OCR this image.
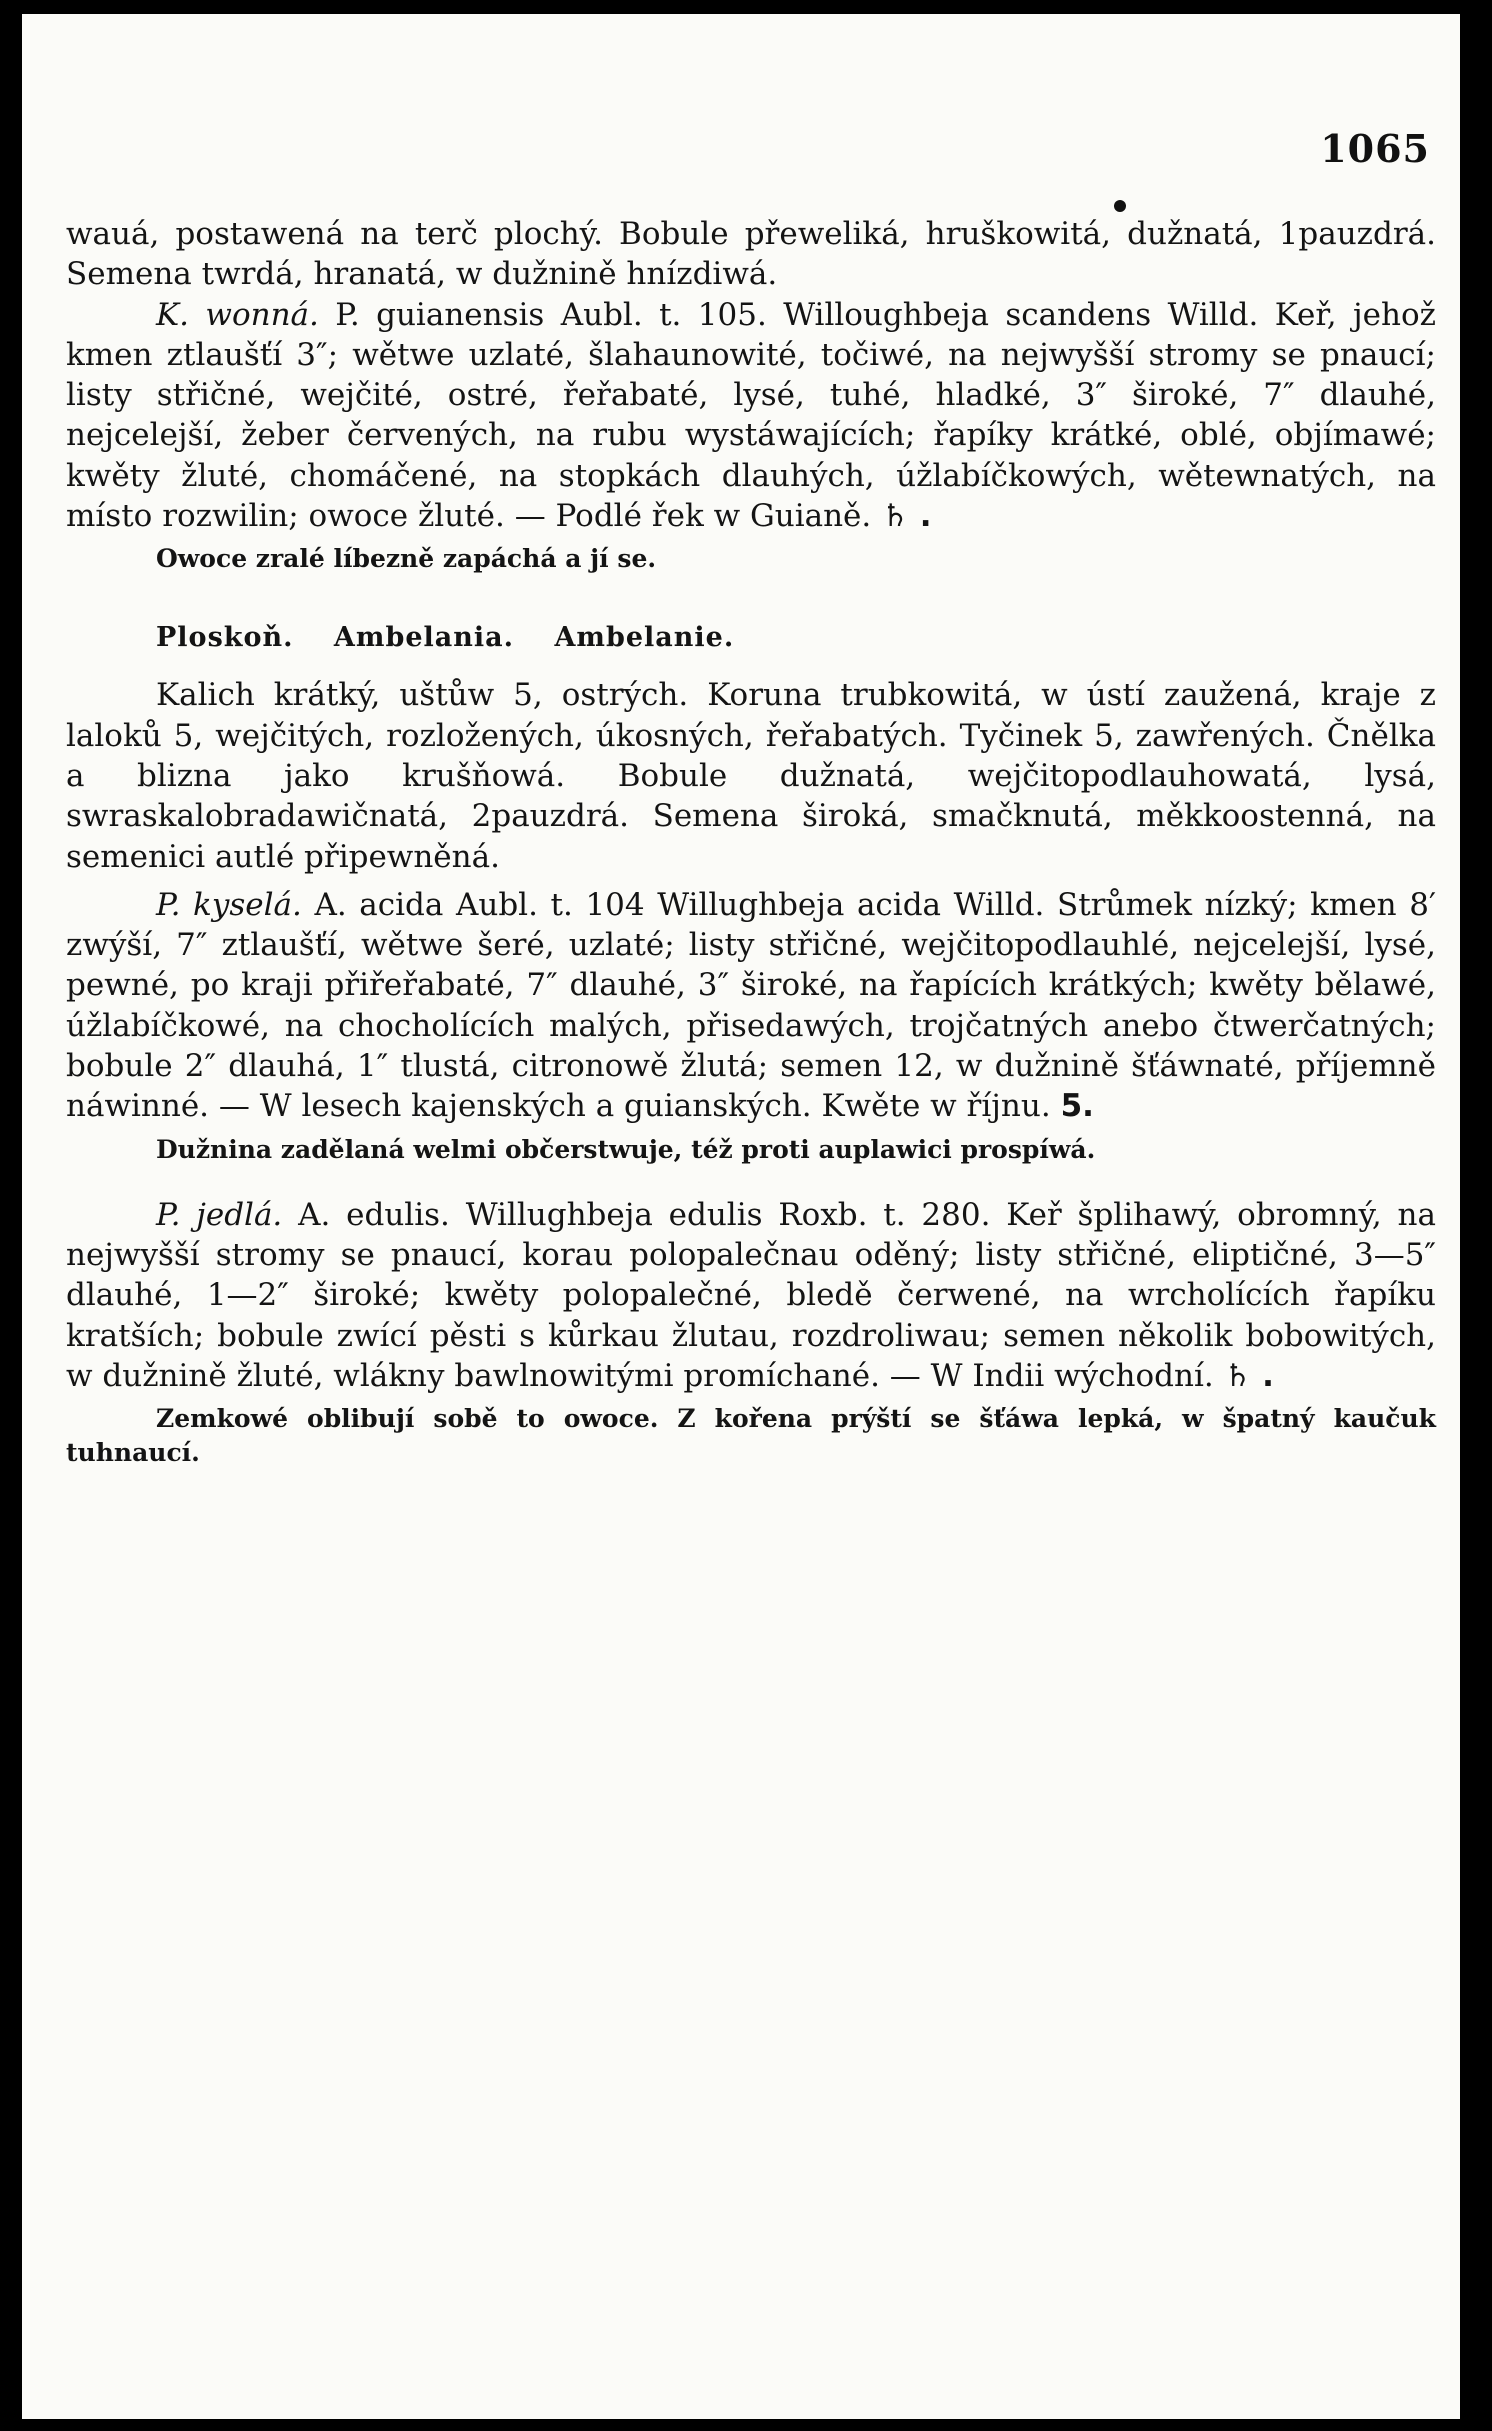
1065

wauá, postawená na terč plochý. Bobule přeweliká, hruškowitá, dužnatá, 1pauzdrá. Semena twrdá, hranatá, w dužnině hnízdiwá.

K. wonná. P. guianensis Aubl. t. 105. Willoughbeja scandens Willd. Keř, jehož kmen ztlaušťí 3″; wětwe uzlaté, šlahaunowité, točiwé, na nejwyšší stromy se pnaucí; listy střičné, wejčité, ostré, řeřabaté, lysé, tuhé, hladké, 3″ široké, 7″ dlauhé, nejcelejší, žeber červených, na rubu wystáwajících; řapíky krátké, oblé, objímawé; kwěty žluté, chomáčené, na stopkách dlauhých, úžlabíčkowých, wětewnatých, na místo rozwilin; owoce žluté. — Podlé řek w Guianě. ♄ .

Owoce zralé líbezně zapáchá a jí se.

Ploskoň. Ambelania. Ambelanie.

Kalich krátký, uštůw 5, ostrých. Koruna trubkowitá, w ústí zaužená, kraje z laloků 5, wejčitých, rozložených, úkosných, řeřabatých. Tyčinek 5, zawřených. Čnělka a blizna jako krušňowá. Bobule dužnatá, wejčitopodlauhowatá, lysá, swraskalobradawičnatá, 2pauzdrá. Semena široká, smačknutá, měkkoostenná, na semenici autlé připewněná.

P. kyselá. A. acida Aubl. t. 104 Willughbeja acida Willd. Strůmek nízký; kmen 8′ zwýší, 7″ ztlaušťí, wětwe šeré, uzlaté; listy střičné, wejčitopodlauhlé, nejcelejší, lysé, pewné, po kraji přiřeřabaté, 7″ dlauhé, 3″ široké, na řapících krátkých; kwěty bělawé, úžlabíčkowé, na chocholících malých, přisedawých, trojčatných anebo čtwerčatných; bobule 2″ dlauhá, 1″ tlustá, citronowě žlutá; semen 12, w dužnině šťáwnaté, příjemně náwinné. — W lesech kajenských a guianských. Kwěte w říjnu. 5.

Dužnina zadělaná welmi občerstwuje, též proti auplawici prospíwá.

P. jedlá. A. edulis. Willughbeja edulis Roxb. t. 280. Keř šplihawý, obromný, na nejwyšší stromy se pnaucí, korau polopalečnau oděný; listy střičné, eliptičné, 3—5″ dlauhé, 1—2″ široké; kwěty polopalečné, bledě čerwené, na wrcholících řapíku kratších; bobule zwící pěsti s kůrkau žlutau, rozdroliwau; semen několik bobowitých, w dužnině žluté, wlákny bawlnowitými promíchané. — W Indii wýchodní. ♄ .

Zemkowé oblibují sobě to owoce. Z kořena prýští se šťáwa lepká, w špatný kaučuk tuhnaucí.
